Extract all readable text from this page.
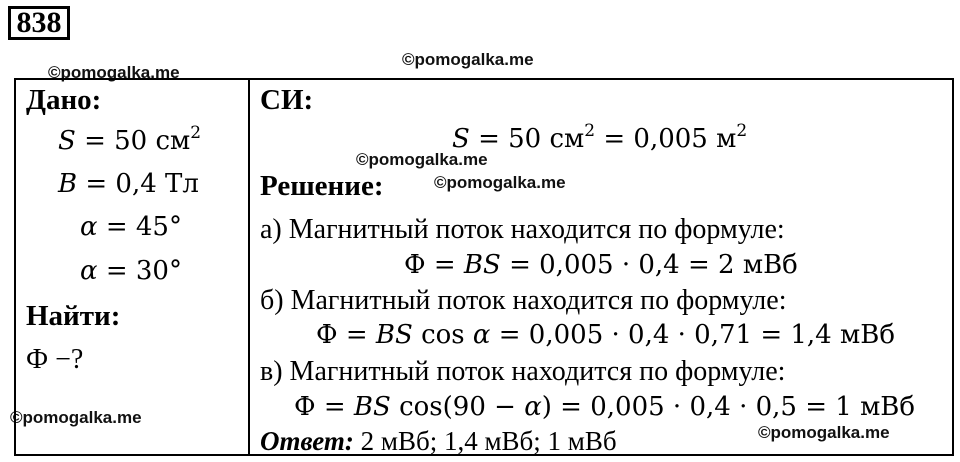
838
©pomogalka.me
©pomogalka.me
©pomogalka.me
©pomogalka.me
©pomogalka.me
©pomogalka.me
Дано:
S = 50 $см^2$
B = 0,4 Тл
α = 45°
α = 30°
Найти:
Ф −?
СИ:
S = 50 $см^2 = 0,005$ $м^2$
Решение:
а) Магнитный поток находится по формуле:
Ф = BS = 0,005 · 0,4 = 2 мВб
б) Магнитный поток находится по формуле:
Ф = BS cos α = 0,005 · 0,4 · 0,71 = 1,4 мВб
в) Магнитный поток находится по формуле:
Ф = BS cos(90 − α) = 0,005 · 0,4 · 0,5 = 1 мВб
Ответ: 2 мВб; 1,4 мВб; 1 мВб
